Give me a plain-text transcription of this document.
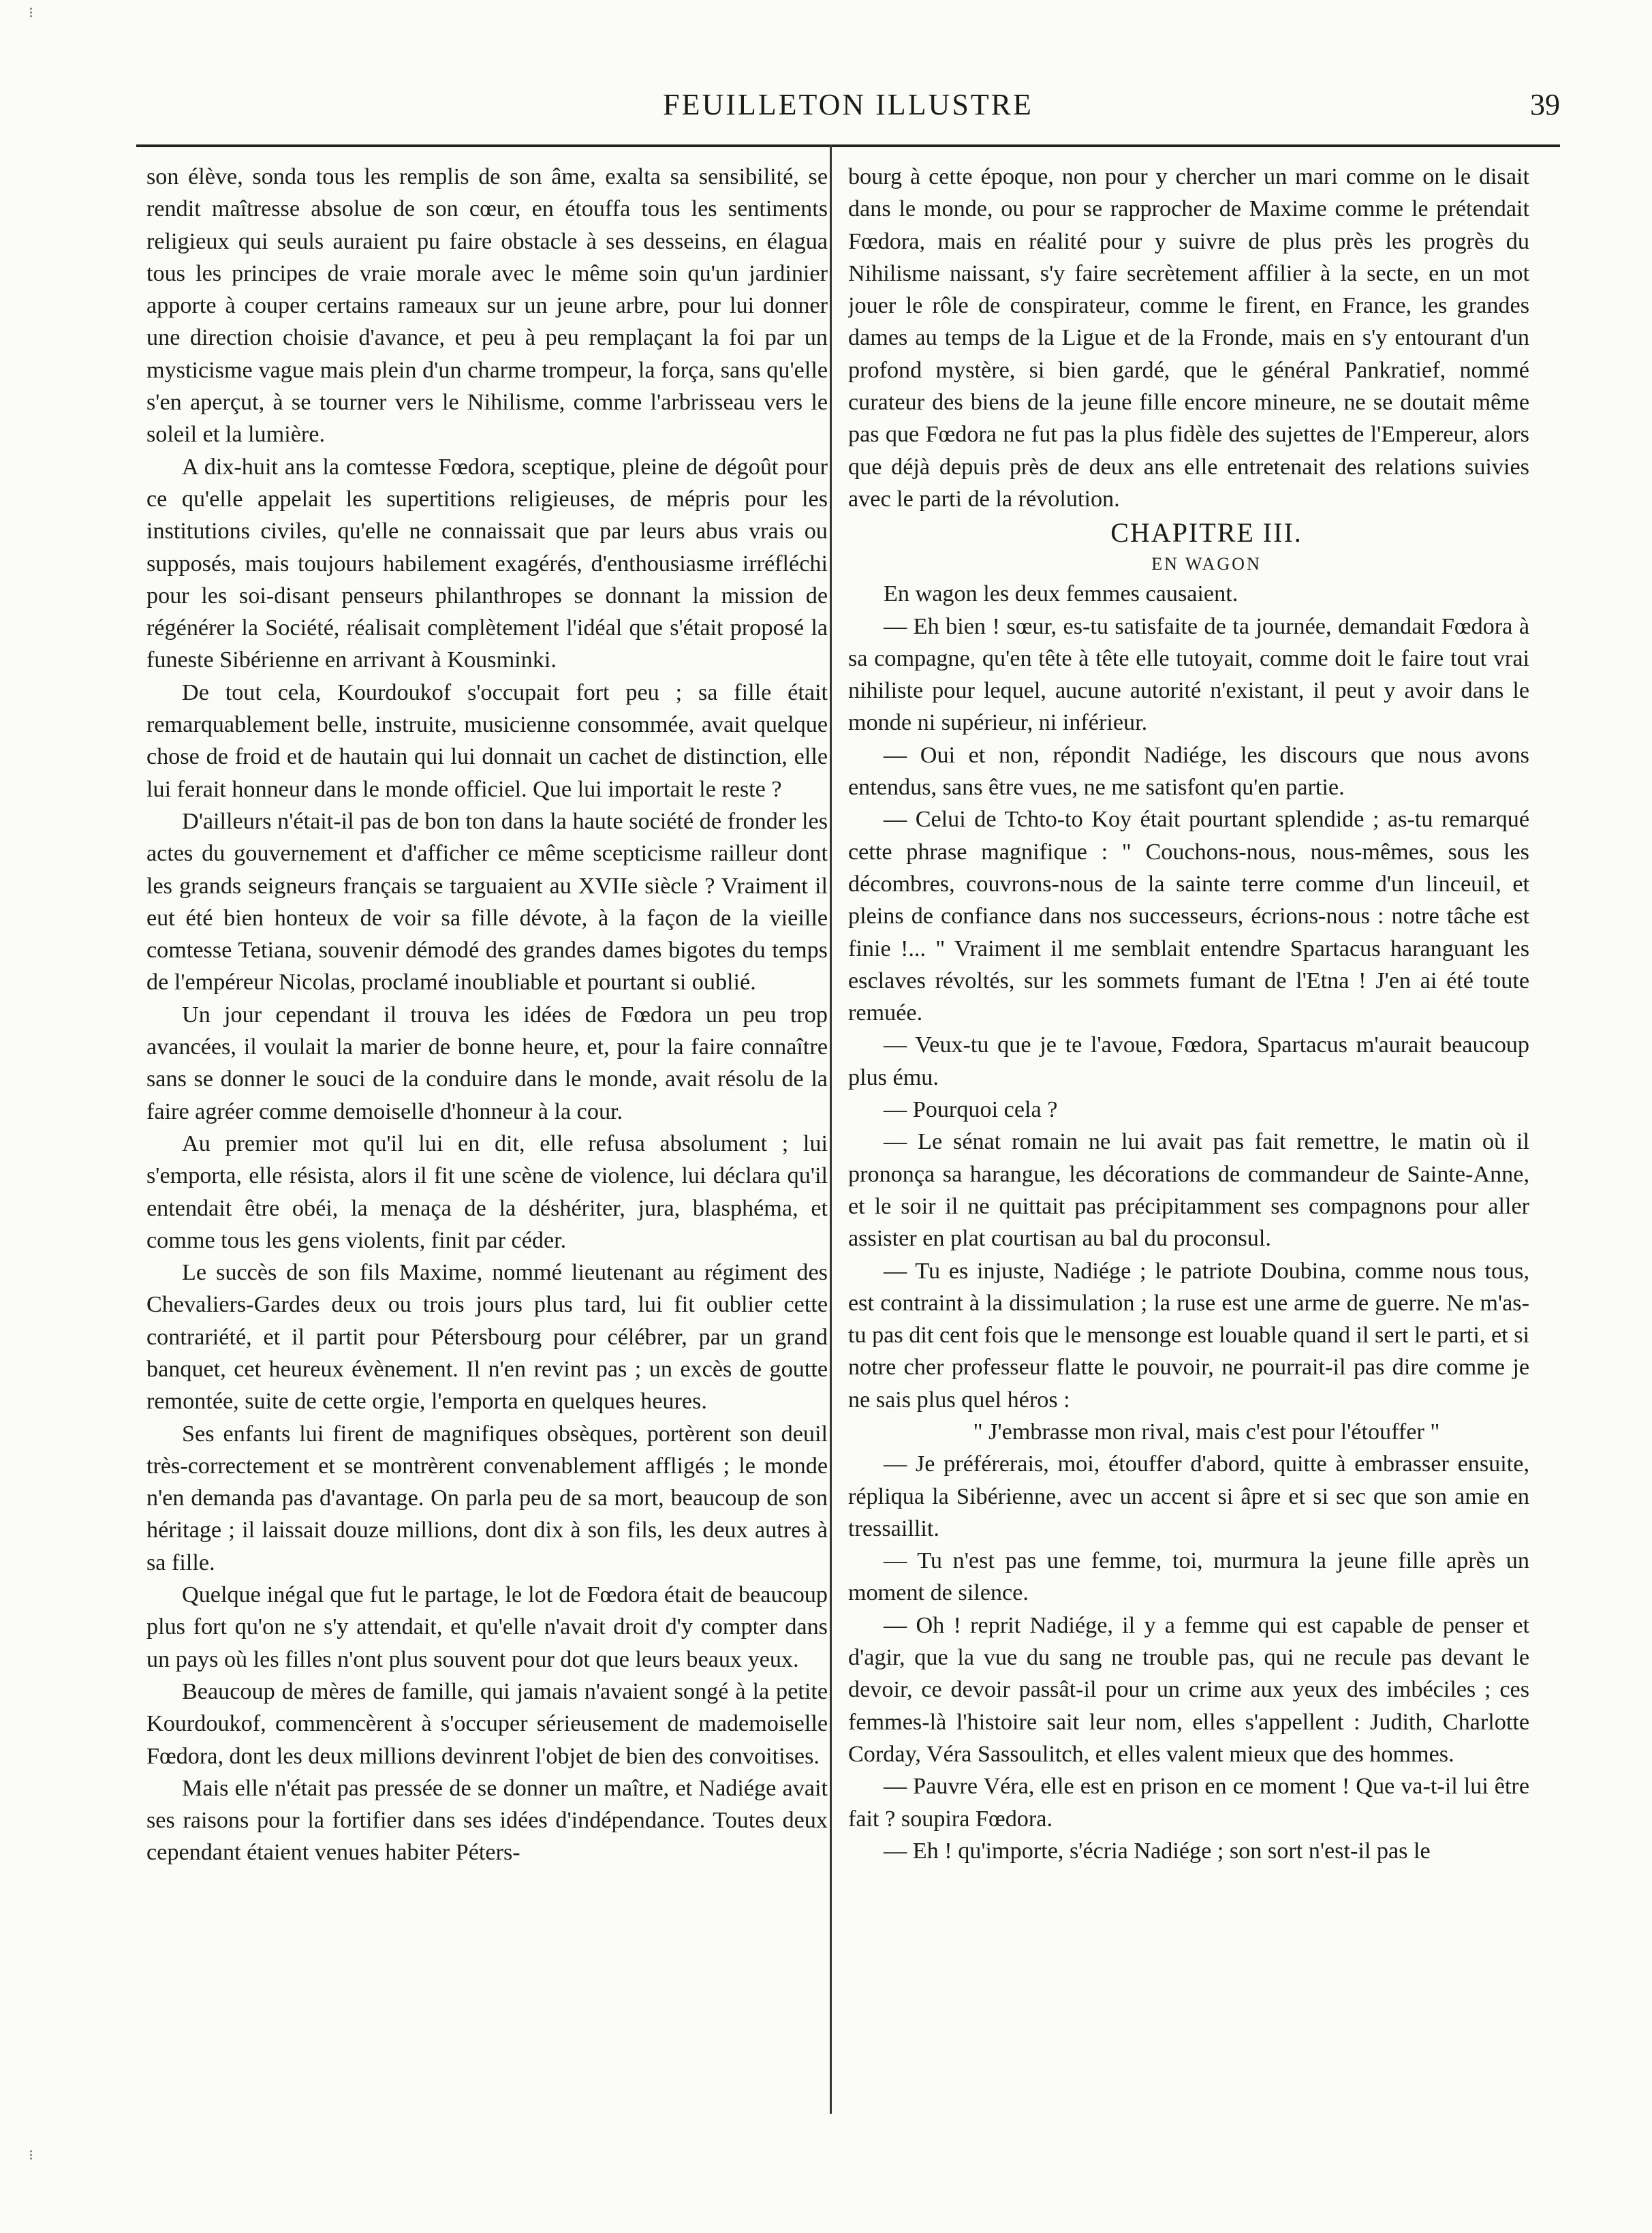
FEUILLETON ILLUSTRE	39
⁝
⁝

son élève, sonda tous les remplis de son âme, exalta sa sensibilité, se rendit maîtresse absolue de son cœur, en étouffa tous les sentiments religieux qui seuls auraient pu faire obstacle à ses desseins, en élagua tous les principes de vraie morale avec le même soin qu'un jardinier apporte à couper certains rameaux sur un jeune arbre, pour lui donner une direction choisie d'avance, et peu à peu remplaçant la foi par un mysticisme vague mais plein d'un charme trompeur, la força, sans qu'elle s'en aperçut, à se tourner vers le Nihilisme, comme l'arbrisseau vers le soleil et la lumière.

A dix-huit ans la comtesse Fœdora, sceptique, pleine de dégoût pour ce qu'elle appelait les supertitions religieuses, de mépris pour les institutions civiles, qu'elle ne connaissait que par leurs abus vrais ou supposés, mais toujours habilement exagérés, d'enthousiasme irréfléchi pour les soi-disant penseurs philanthropes se donnant la mission de régénérer la Société, réalisait complètement l'idéal que s'était proposé la funeste Sibérienne en arrivant à Kousminki.

De tout cela, Kourdoukof s'occupait fort peu ; sa fille était remarquablement belle, instruite, musicienne consommée, avait quelque chose de froid et de hautain qui lui donnait un cachet de distinction, elle lui ferait honneur dans le monde officiel. Que lui importait le reste ?

D'ailleurs n'était-il pas de bon ton dans la haute société de fronder les actes du gouvernement et d'afficher ce même scepticisme railleur dont les grands seigneurs français se targuaient au XVIIe siècle ? Vraiment il eut été bien honteux de voir sa fille dévote, à la façon de la vieille comtesse Tetiana, souvenir démodé des grandes dames bigotes du temps de l'empéreur Nicolas, proclamé inoubliable et pourtant si oublié.

Un jour cependant il trouva les idées de Fœdora un peu trop avancées, il voulait la marier de bonne heure, et, pour la faire connaître sans se donner le souci de la conduire dans le monde, avait résolu de la faire agréer comme demoiselle d'honneur à la cour.

Au premier mot qu'il lui en dit, elle refusa absolument ; lui s'emporta, elle résista, alors il fit une scène de violence, lui déclara qu'il entendait être obéi, la menaça de la déshériter, jura, blasphéma, et comme tous les gens violents, finit par céder.

Le succès de son fils Maxime, nommé lieutenant au régiment des Chevaliers-Gardes deux ou trois jours plus tard, lui fit oublier cette contrariété, et il partit pour Pétersbourg pour célébrer, par un grand banquet, cet heureux évènement. Il n'en revint pas ; un excès de goutte remontée, suite de cette orgie, l'emporta en quelques heures.

Ses enfants lui firent de magnifiques obsèques, portèrent son deuil très-correctement et se montrèrent convenablement affligés ; le monde n'en demanda pas d'avantage. On parla peu de sa mort, beaucoup de son héritage ; il laissait douze millions, dont dix à son fils, les deux autres à sa fille.

Quelque inégal que fut le partage, le lot de Fœdora était de beaucoup plus fort qu'on ne s'y attendait, et qu'elle n'avait droit d'y compter dans un pays où les filles n'ont plus souvent pour dot que leurs beaux yeux.

Beaucoup de mères de famille, qui jamais n'avaient songé à la petite Kourdoukof, commencèrent à s'occuper sérieusement de mademoiselle Fœdora, dont les deux millions devinrent l'objet de bien des convoitises.

Mais elle n'était pas pressée de se donner un maître, et Nadiége avait ses raisons pour la fortifier dans ses idées d'indépendance. Toutes deux cependant étaient venues habiter Péters-

bourg à cette époque, non pour y chercher un mari comme on le disait dans le monde, ou pour se rapprocher de Maxime comme le prétendait Fœdora, mais en réalité pour y suivre de plus près les progrès du Nihilisme naissant, s'y faire secrètement affilier à la secte, en un mot jouer le rôle de conspirateur, comme le firent, en France, les grandes dames au temps de la Ligue et de la Fronde, mais en s'y entourant d'un profond mystère, si bien gardé, que le général Pankratief, nommé curateur des biens de la jeune fille encore mineure, ne se doutait même pas que Fœdora ne fut pas la plus fidèle des sujettes de l'Empereur, alors que déjà depuis près de deux ans elle entretenait des relations suivies avec le parti de la révolution.

CHAPITRE III.

EN WAGON

En wagon les deux femmes causaient.

— Eh bien ! sœur, es-tu satisfaite de ta journée, demandait Fœdora à sa compagne, qu'en tête à tête elle tutoyait, comme doit le faire tout vrai nihiliste pour lequel, aucune autorité n'existant, il peut y avoir dans le monde ni supérieur, ni inférieur.

— Oui et non, répondit Nadiége, les discours que nous avons entendus, sans être vues, ne me satisfont qu'en partie.

— Celui de Tchto-to Koy était pourtant splendide ; as-tu remarqué cette phrase magnifique : " Couchons-nous, nous-mêmes, sous les décombres, couvrons-nous de la sainte terre comme d'un linceuil, et pleins de confiance dans nos successeurs, écrions-nous : notre tâche est finie !... " Vraiment il me semblait entendre Spartacus haranguant les esclaves révoltés, sur les sommets fumant de l'Etna ! J'en ai été toute remuée.

— Veux-tu que je te l'avoue, Fœdora, Spartacus m'aurait beaucoup plus ému.

— Pourquoi cela ?

— Le sénat romain ne lui avait pas fait remettre, le matin où il prononça sa harangue, les décorations de commandeur de Sainte-Anne, et le soir il ne quittait pas précipitamment ses compagnons pour aller assister en plat courtisan au bal du proconsul.

— Tu es injuste, Nadiége ; le patriote Doubina, comme nous tous, est contraint à la dissimulation ; la ruse est une arme de guerre. Ne m'as-tu pas dit cent fois que le mensonge est louable quand il sert le parti, et si notre cher professeur flatte le pouvoir, ne pourrait-il pas dire comme je ne sais plus quel héros :

" J'embrasse mon rival, mais c'est pour l'étouffer "

— Je préférerais, moi, étouffer d'abord, quitte à embrasser ensuite, répliqua la Sibérienne, avec un accent si âpre et si sec que son amie en tressaillit.

— Tu n'est pas une femme, toi, murmura la jeune fille après un moment de silence.

— Oh ! reprit Nadiége, il y a femme qui est capable de penser et d'agir, que la vue du sang ne trouble pas, qui ne recule pas devant le devoir, ce devoir passât-il pour un crime aux yeux des imbéciles ; ces femmes-là l'histoire sait leur nom, elles s'appellent : Judith, Charlotte Corday, Véra Sassoulitch, et elles valent mieux que des hommes.

— Pauvre Véra, elle est en prison en ce moment ! Que va-t-il lui être fait ? soupira Fœdora.

— Eh ! qu'importe, s'écria Nadiége ; son sort n'est-il pas le
